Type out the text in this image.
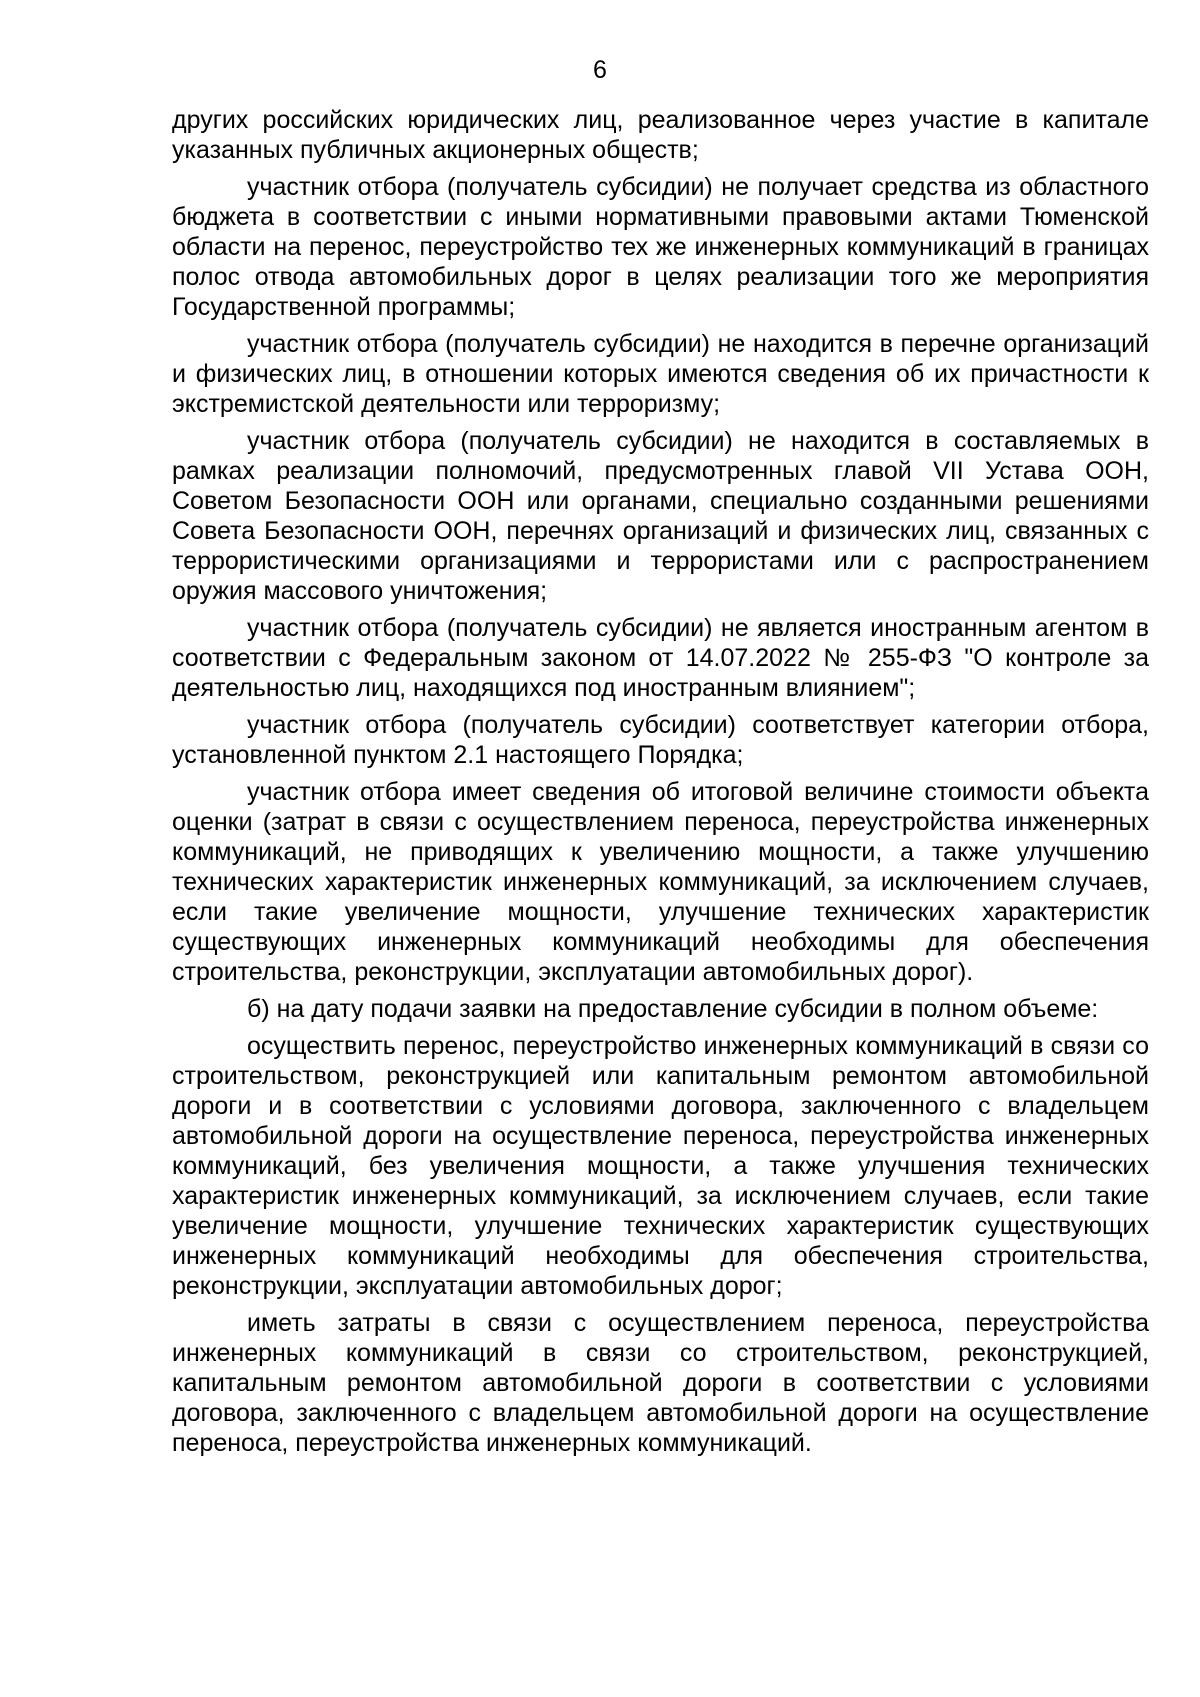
6

других российских юридических лиц, реализованное через участие в капитале указанных публичных акционерных обществ;

участник отбора (получатель субсидии) не получает средства из областного бюджета в соответствии с иными нормативными правовыми актами Тюменской области на перенос, переустройство тех же инженерных коммуникаций в границах полос отвода автомобильных дорог в целях реализации того же мероприятия Государственной программы;

участник отбора (получатель субсидии) не находится в перечне организаций и физических лиц, в отношении которых имеются сведения об их причастности к экстремистской деятельности или терроризму;

участник отбора (получатель субсидии) не находится в составляемых в рамках реализации полномочий, предусмотренных главой VII Устава ООН, Советом Безопасности ООН или органами, специально созданными решениями Совета Безопасности ООН, перечнях организаций и физических лиц, связанных с террористическими организациями и террористами или с распространением оружия массового уничтожения;

участник отбора (получатель субсидии) не является иностранным агентом в соответствии с Федеральным законом от 14.07.2022 № 255-ФЗ "О контроле за деятельностью лиц, находящихся под иностранным влиянием";

участник отбора (получатель субсидии) соответствует категории отбора, установленной пунктом 2.1 настоящего Порядка;

участник отбора имеет сведения об итоговой величине стоимости объекта оценки (затрат в связи с осуществлением переноса, переустройства инженерных коммуникаций, не приводящих к увеличению мощности, а также улучшению технических характеристик инженерных коммуникаций, за исключением случаев, если такие увеличение мощности, улучшение технических характеристик существующих инженерных коммуникаций необходимы для обеспечения строительства, реконструкции, эксплуатации автомобильных дорог).

б) на дату подачи заявки на предоставление субсидии в полном объеме:

осуществить перенос, переустройство инженерных коммуникаций в связи со строительством, реконструкцией или капитальным ремонтом автомобильной дороги и в соответствии с условиями договора, заключенного с владельцем автомобильной дороги на осуществление переноса, переустройства инженерных коммуникаций, без увеличения мощности, а также улучшения технических характеристик инженерных коммуникаций, за исключением случаев, если такие увеличение мощности, улучшение технических характеристик существующих инженерных коммуникаций необходимы для обеспечения строительства, реконструкции, эксплуатации автомобильных дорог;

иметь затраты в связи с осуществлением переноса, переустройства инженерных коммуникаций в связи со строительством, реконструкцией, капитальным ремонтом автомобильной дороги в соответствии с условиями договора, заключенного с владельцем автомобильной дороги на осуществление переноса, переустройства инженерных коммуникаций.
